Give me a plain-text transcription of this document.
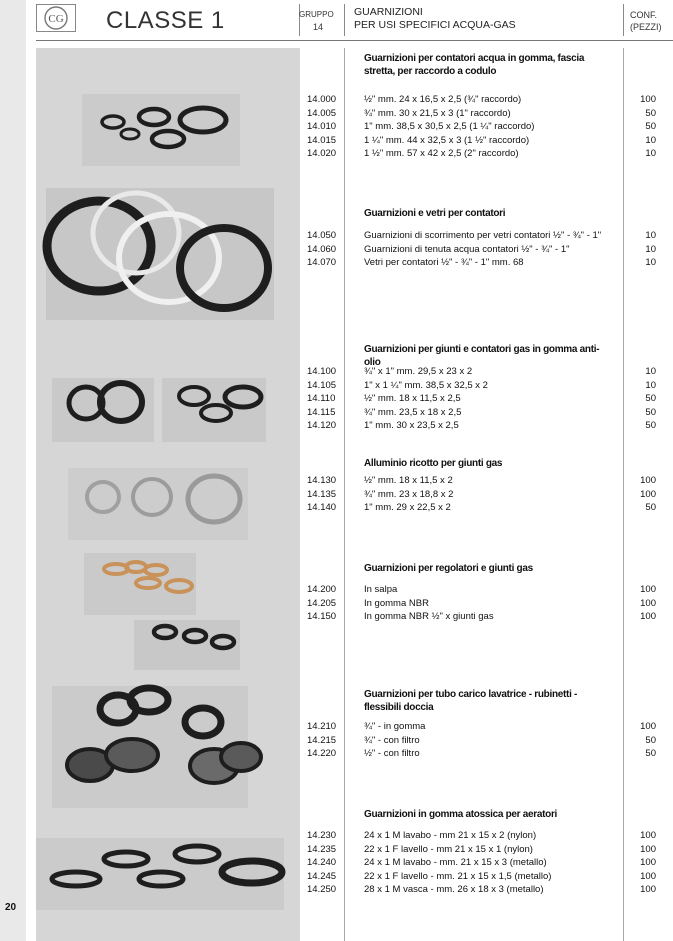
20
CG CLASSE 1	GRUPPO
14
GUARNIZIONI
PER USI SPECIFICI ACQUA-GAS
CONF.
(PEZZI)
Guarnizioni per contatori acqua in gomma, fascia stretta, per raccordo a codulo
14.000
14.005
14.010
14.015
14.020
½" mm. 24 x 16,5 x 2,5 (¾" raccordo)
¾" mm. 30 x 21,5 x 3 (1" raccordo)
1" mm. 38,5 x 30,5 x 2,5 (1 ¼" raccordo)
1 ¼" mm. 44 x 32,5 x 3 (1 ½" raccordo)
1 ½" mm. 57 x 42 x 2,5 (2" raccordo)
100
50
50
10
10
Guarnizioni e vetri per contatori
14.050
14.060
14.070
Guarnizioni di scorrimento per vetri contatori ½" - ¾" - 1"
Guarnizioni di tenuta acqua contatori ½" - ¾" - 1"
Vetri per contatori ½" - ¾" - 1" mm. 68
10
10
10
Guarnizioni per giunti e contatori gas in gomma anti-olio
14.100
14.105
14.110
14.115
14.120
¾" x 1" mm. 29,5 x 23 x 2
1" x 1 ¼" mm. 38,5 x 32,5 x 2
½" mm. 18 x 11,5 x 2,5
¾" mm. 23,5 x 18 x 2,5
1" mm. 30 x 23,5 x 2,5
10
10
50
50
50
Alluminio ricotto per giunti gas
14.130
14.135
14.140
½" mm. 18 x 11,5 x 2
¾" mm. 23 x 18,8 x 2
1" mm. 29 x 22,5 x 2
100
100
50
Guarnizioni per regolatori e giunti gas
14.200
14.205
14.150
In salpa
In gomma NBR
In gomma NBR ½" x giunti gas
100
100
100
Guarnizioni per tubo carico lavatrice - rubinetti - flessibili doccia
14.210
14.215
14.220
¾" - in gomma
¾" - con filtro
½" - con filtro
100
50
50
Guarnizioni in gomma atossica per aeratori
14.230
14.235
14.240
14.245
14.250
24 x 1 M lavabo - mm 21 x 15 x 2 (nylon)
22 x 1 F lavello - mm 21 x 15 x 1 (nylon)
24 x 1 M lavabo - mm. 21 x 15 x 3 (metallo)
22 x 1 F lavello - mm. 21 x 15 x 1,5 (metallo)
28 x 1 M vasca - mm. 26 x 18 x 3 (metallo)
100
100
100
100
100
